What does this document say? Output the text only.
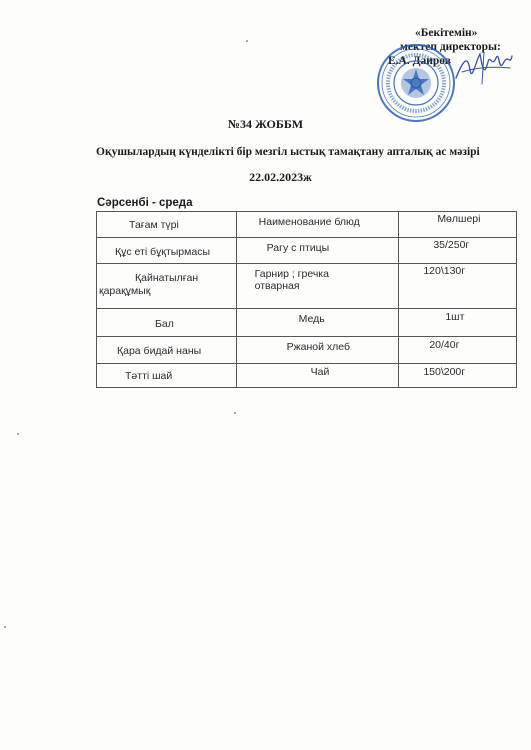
«Бекітемін»
мектеп директоры:
Е.А. Даиров
№34 ЖОББМ
Оқушылардың күнделікті бір мезгіл ыстық тамақтану апталық ас мәзірі
22.02.2023ж
Сәрсенбі - среда
Тағам түрі	Наименование блюд	Мөлшері

Құс еті бұқтырмасы	Рагу с птицы	35/250г

Қайнатылған
қарақұмық	Гарнир ; гречка отварная	120\130г

Бал	Медь	1шт

Қара бидай наны	Ржаной хлеб	20/40г

Тәтті шай	Чай	150\200г
